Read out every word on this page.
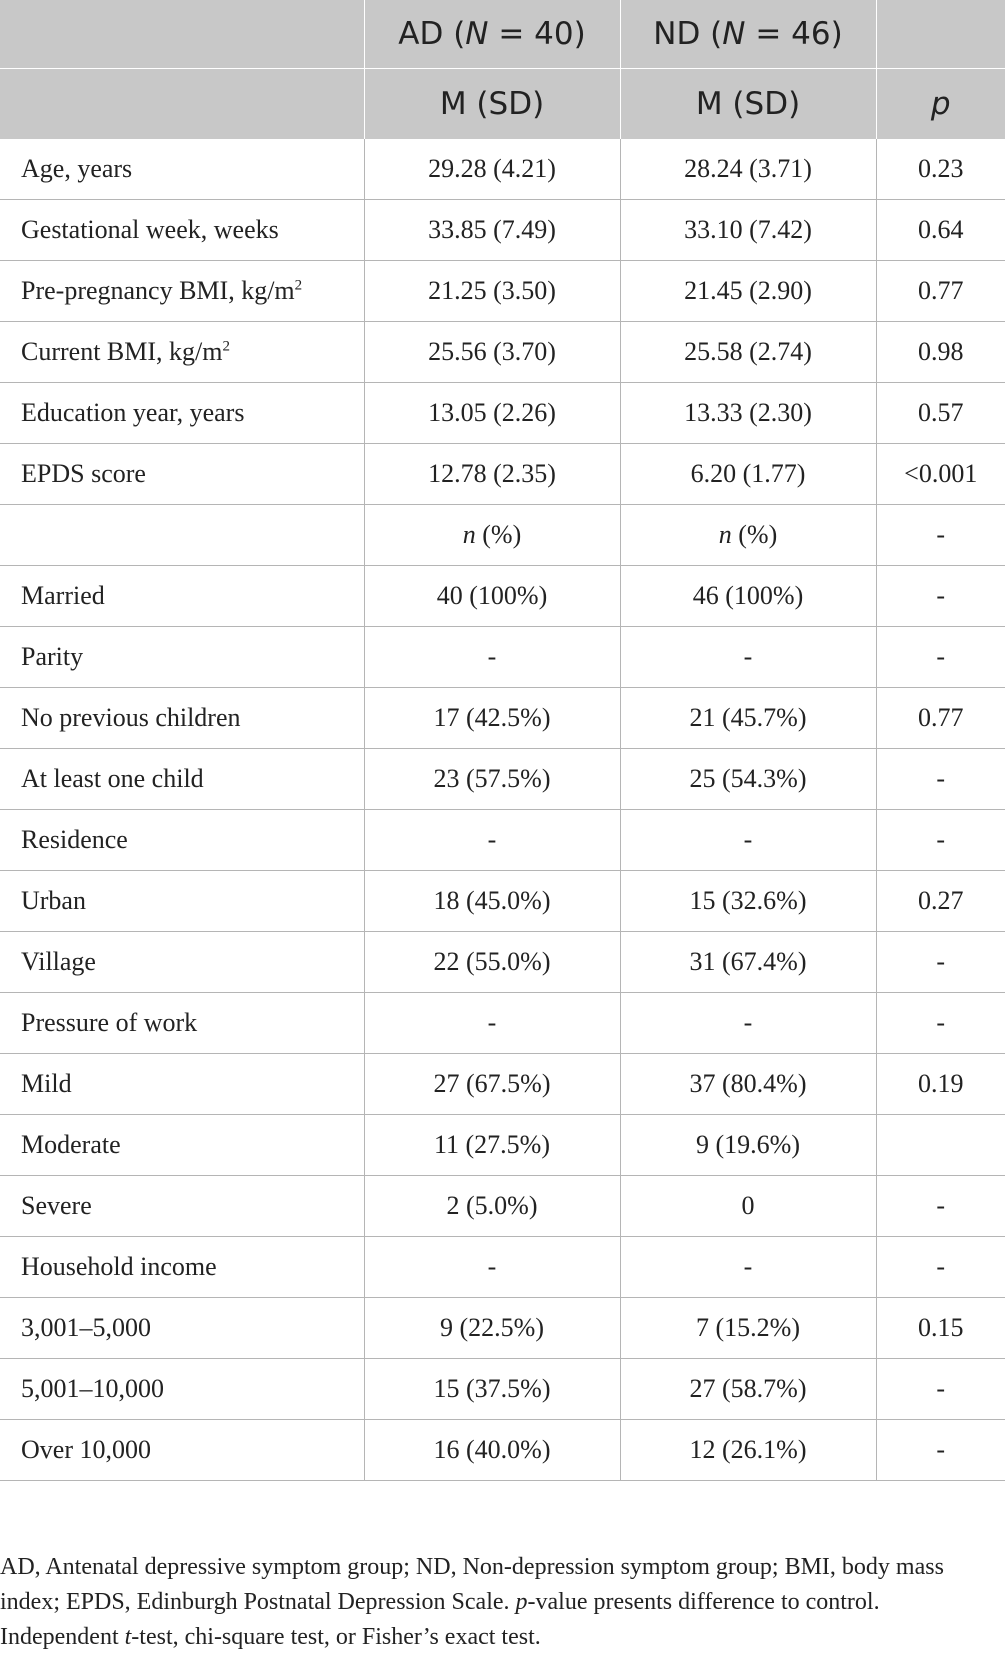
	AD (N = 40)	ND (N = 46)	
	M (SD)	M (SD)	p
Age, years	29.28 (4.21)	28.24 (3.71)	0.23
Gestational week, weeks	33.85 (7.49)	33.10 (7.42)	0.64
Pre-pregnancy BMI, $kg/m^2$	21.25 (3.50)	21.45 (2.90)	0.77
Current BMI, $kg/m^2$	25.56 (3.70)	25.58 (2.74)	0.98
Education year, years	13.05 (2.26)	13.33 (2.30)	0.57
EPDS score	12.78 (2.35)	6.20 (1.77)	<0.001
	n (%)	n (%)	-
Married	40 (100%)	46 (100%)	-
Parity	-	-	-
No previous children	17 (42.5%)	21 (45.7%)	0.77
At least one child	23 (57.5%)	25 (54.3%)	-
Residence	-	-	-
Urban	18 (45.0%)	15 (32.6%)	0.27
Village	22 (55.0%)	31 (67.4%)	-
Pressure of work	-	-	-
Mild	27 (67.5%)	37 (80.4%)	0.19
Moderate	11 (27.5%)	9 (19.6%)	
Severe	2 (5.0%)	0	-
Household income	-	-	-
3,001–5,000	9 (22.5%)	7 (15.2%)	0.15
5,001–10,000	15 (37.5%)	27 (58.7%)	-
Over 10,000	16 (40.0%)	12 (26.1%)	-
AD, Antenatal depressive symptom group; ND, Non-depression symptom group; BMI, body mass index; EPDS, Edinburgh Postnatal Depression Scale. p-value presents difference to control. Independent t-test, chi-square test, or Fisher’s exact test.
